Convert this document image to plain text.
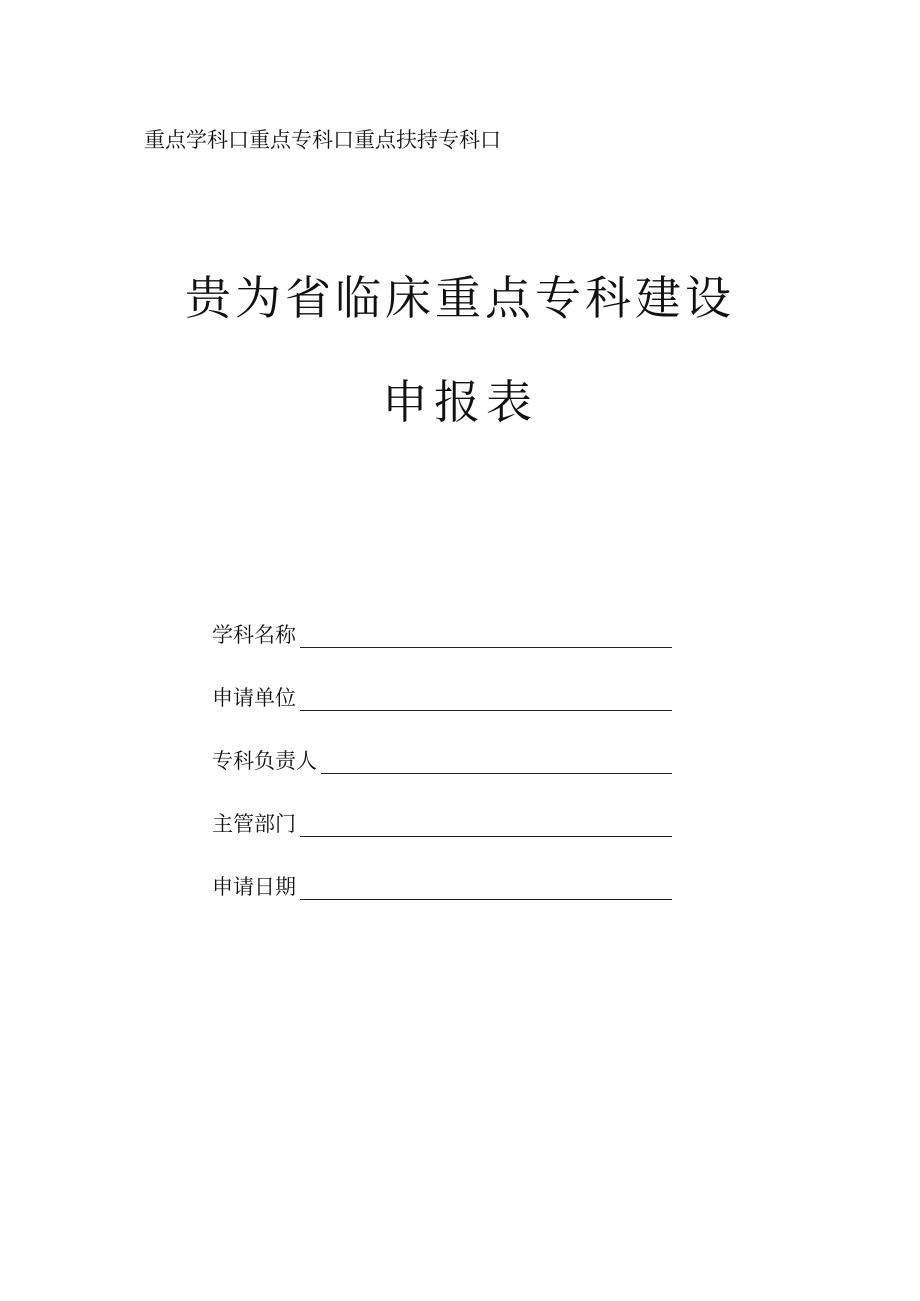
重点学科口重点专科口重点扶持专科口
贵为省临床重点专科建设
申报表
学科名称
申请单位
专科负责人
主管部门
申请日期
